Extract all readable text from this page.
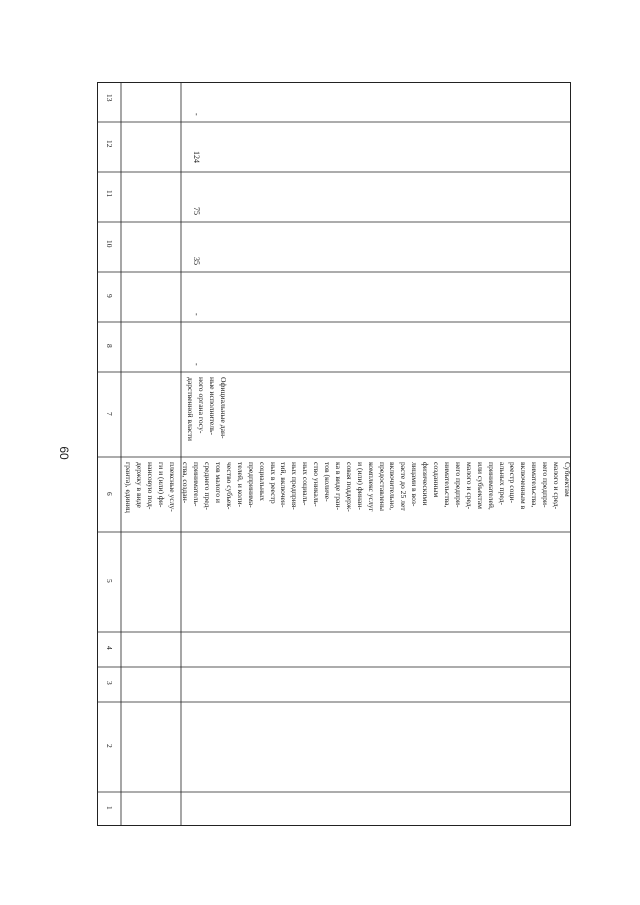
60
13
12
11
10
9
8
7
6
5
4
3
2
1
плексные услу-
ги и (или) фи-
нансовую под-
держку в виде
гранта), единиц
Субъектам
малого и сред-
него предпри-
нимательства,
включенным в
реестр соци-
альных пред-
принимателей,
или субъектам
малого и сред-
него предпри-
нимательства,
созданным
физическими
лицами в воз-
расте до 25 лет
включительно,
предоставлены
комплекс услуг
и (или) финан-
совая поддерж-
ка в виде гран-
тов (количе-
ство уникаль-
ных социаль-
ных предприя-
тий, включен-
ных в реестр
социальных
предпринима-
телей, и коли-
чество субъек-
тов малого и
среднего пред-
приниматель-
ства, создан-
Официальные дан-
ные исполнитель-
ного органа госу-
дарственной власти
-
-
35
75
124
-
